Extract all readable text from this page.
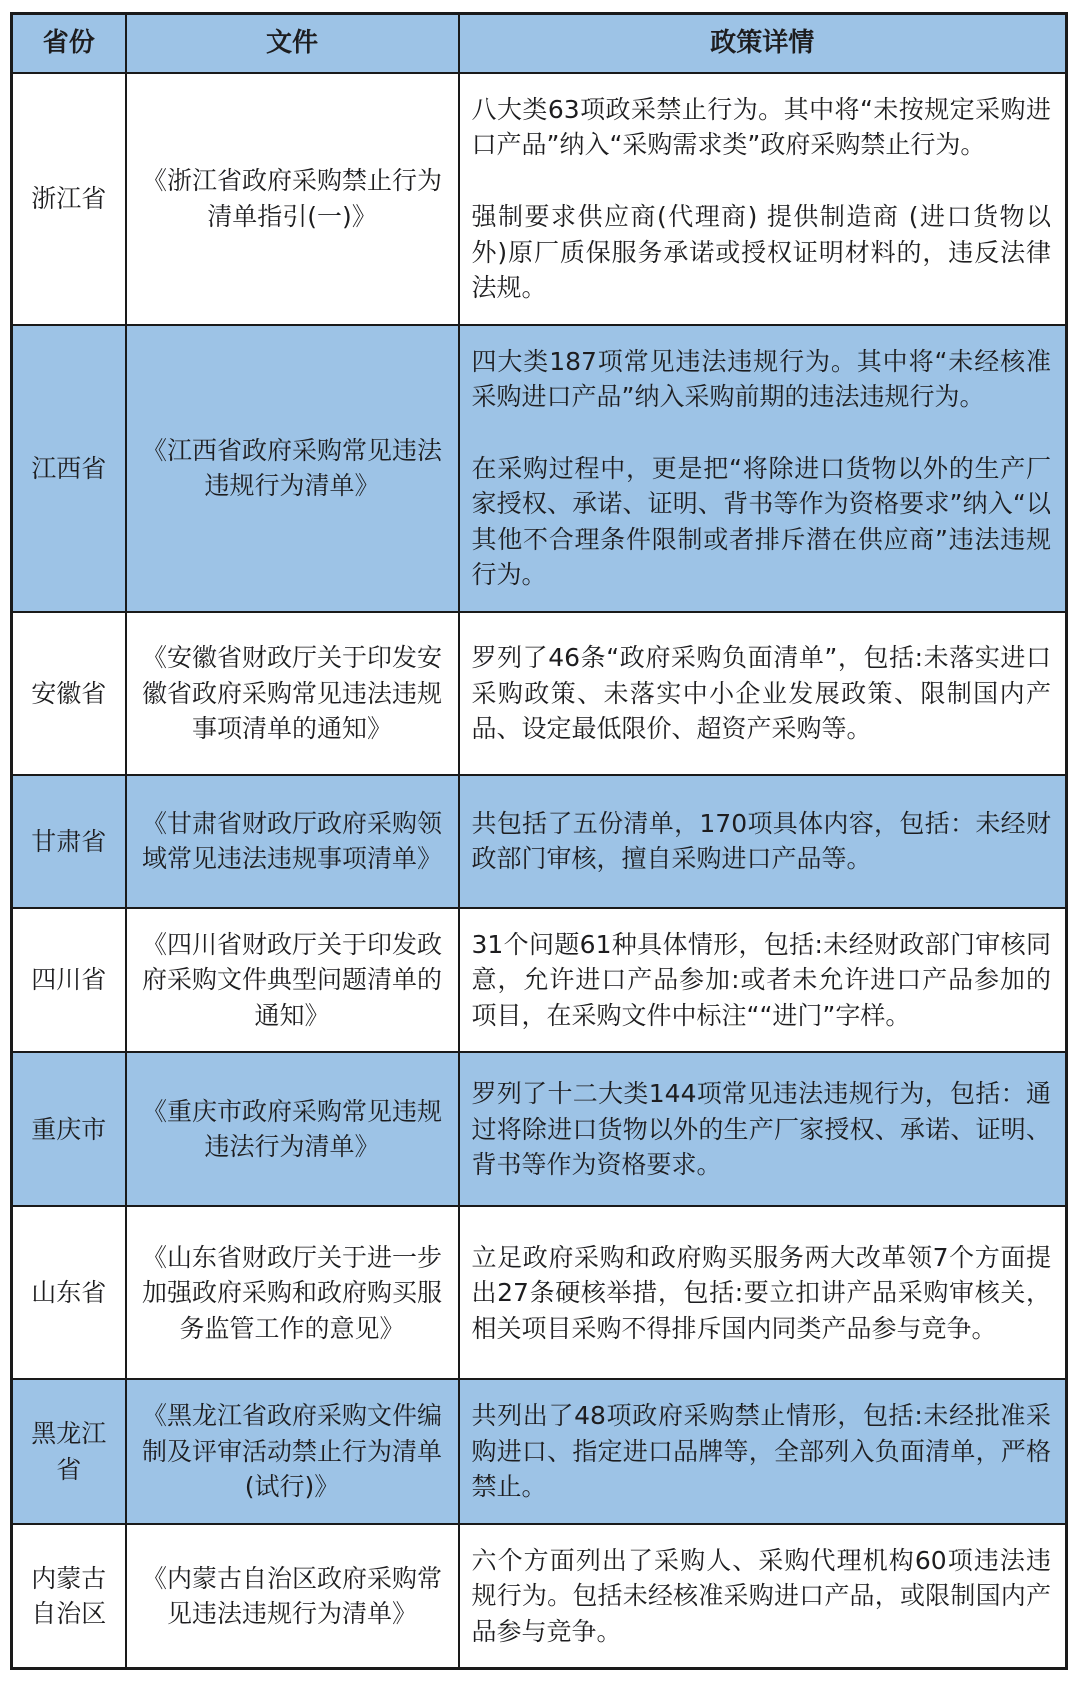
省份	文件	政策详情
浙江省	《浙江省政府采购禁止行为清单指引(一)》	八大类63项政采禁止行为。其中将“未按规定采购进口产品”纳入“采购需求类”政府采购禁止行为。

强制要求供应商(代理商) 提供制造商 (进口货物以外)原厂质保服务承诺或授权证明材料的，违反法律法规。

江西省	《江西省政府采购常见违法违规行为清单》	四大类187项常见违法违规行为。其中将“未经核准采购进口产品”纳入采购前期的违法违规行为。

在采购过程中，更是把“将除进口货物以外的生产厂家授权、承诺、证明、背书等作为资格要求”纳入“以其他不合理条件限制或者排斥潜在供应商”违法违规行为。

安徽省	《安徽省财政厅关于印发安徽省政府采购常见违法违规事项清单的通知》	罗列了46条“政府采购负面清单”，包括:未落实进口采购政策、未落实中小企业发展政策、限制国内产品、设定最低限价、超资产采购等。

甘肃省	《甘肃省财政厅政府采购领域常见违法违规事项清单》	共包括了五份清单，170项具体内容，包括：未经财政部门审核，擅自采购进口产品等。

四川省	《四川省财政厅关于印发政府采购文件典型问题清单的通知》	31个问题61种具体情形，包括:未经财政部门审核同意，允许进口产品参加:或者未允许进口产品参加的项目，在采购文件中标注““进门”字样。

重庆市	《重庆市政府采购常见违规违法行为清单》	罗列了十二大类144项常见违法违规行为，包括：通过将除进口货物以外的生产厂家授权、承诺、证明、背书等作为资格要求。

山东省	《山东省财政厅关于进一步加强政府采购和政府购买服务监管工作的意见》	立足政府采购和政府购买服务两大改革领7个方面提出27条硬核举措，包括:要立扣讲产品采购审核关，相关项目采购不得排斥国内同类产品参与竞争。

黑龙江省	《黑龙江省政府采购文件编制及评审活动禁止行为清单(试行)》	共列出了48项政府采购禁止情形，包括:未经批准采购进口、指定进口品牌等，全部列入负面清单，严格禁止。

内蒙古自治区	《内蒙古自治区政府采购常见违法违规行为清单》	六个方面列出了采购人、采购代理机构60项违法违规行为。包括未经核准采购进口产品，或限制国内产品参与竞争。
